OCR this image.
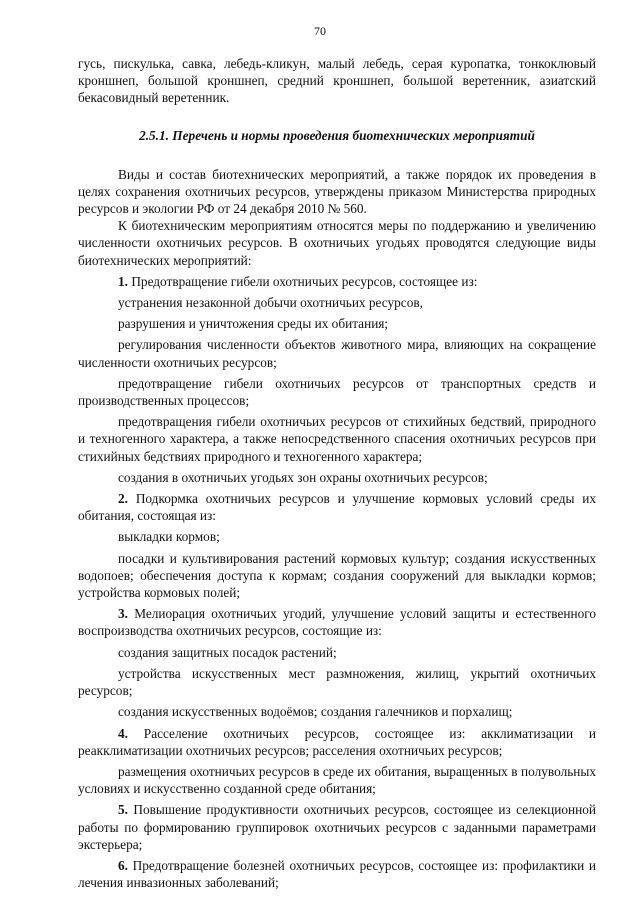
70

гусь, пискулька, савка, лебедь-кликун, малый лебедь, серая куропатка, тонкоклювый кроншнеп, большой кроншнеп, средний кроншнеп, большой веретенник, азиатский бекасовидный веретенник.

2.5.1. Перечень и нормы проведения биотехнических мероприятий

Виды и состав биотехнических мероприятий, а также порядок их проведения в целях сохранения охотничьих ресурсов, утверждены приказом Министерства природных ресурсов и экологии РФ от 24 декабря 2010 № 560.

К биотехническим мероприятиям относятся меры по поддержанию и увеличению численности охотничьих ресурсов. В охотничьих угодьях проводятся следующие виды биотехнических мероприятий:

1. Предотвращение гибели охотничьих ресурсов, состоящее из:

устранения незаконной добычи охотничьих ресурсов,

разрушения и уничтожения среды их обитания;

регулирования численности объектов животного мира, влияющих на сокращение численности охотничьих ресурсов;

предотвращение гибели охотничьих ресурсов от транспортных средств и производственных процессов;

предотвращения гибели охотничьих ресурсов от стихийных бедствий, природного и техногенного характера, а также непосредственного спасения охотничьих ресурсов при стихийных бедствиях природного и техногенного характера;

создания в охотничьих угодьях зон охраны охотничьих ресурсов;

2. Подкормка охотничьих ресурсов и улучшение кормовых условий среды их обитания, состоящая из:

выкладки кормов;

посадки и культивирования растений кормовых культур; создания искусственных водопоев; обеспечения доступа к кормам; создания сооружений для выкладки кормов; устройства кормовых полей;

3. Мелиорация охотничьих угодий, улучшение условий защиты и естественного воспроизводства охотничьих ресурсов, состоящие из:

создания защитных посадок растений;

устройства искусственных мест размножения, жилищ, укрытий охотничьих ресурсов;

создания искусственных водоёмов; создания галечников и порхалищ;

4. Расселение охотничьих ресурсов, состоящее из: акклиматизации и реакклиматизации охотничьих ресурсов; расселения охотничьих ресурсов;

размещения охотничьих ресурсов в среде их обитания, выращенных в полувольных условиях и искусственно созданной среде обитания;

5. Повышение продуктивности охотничьих ресурсов, состоящее из селекционной работы по формированию группировок охотничьих ресурсов с заданными параметрами экстерьера;

6. Предотвращение болезней охотничьих ресурсов, состоящее из: профилактики и лечения инвазионных заболеваний;
